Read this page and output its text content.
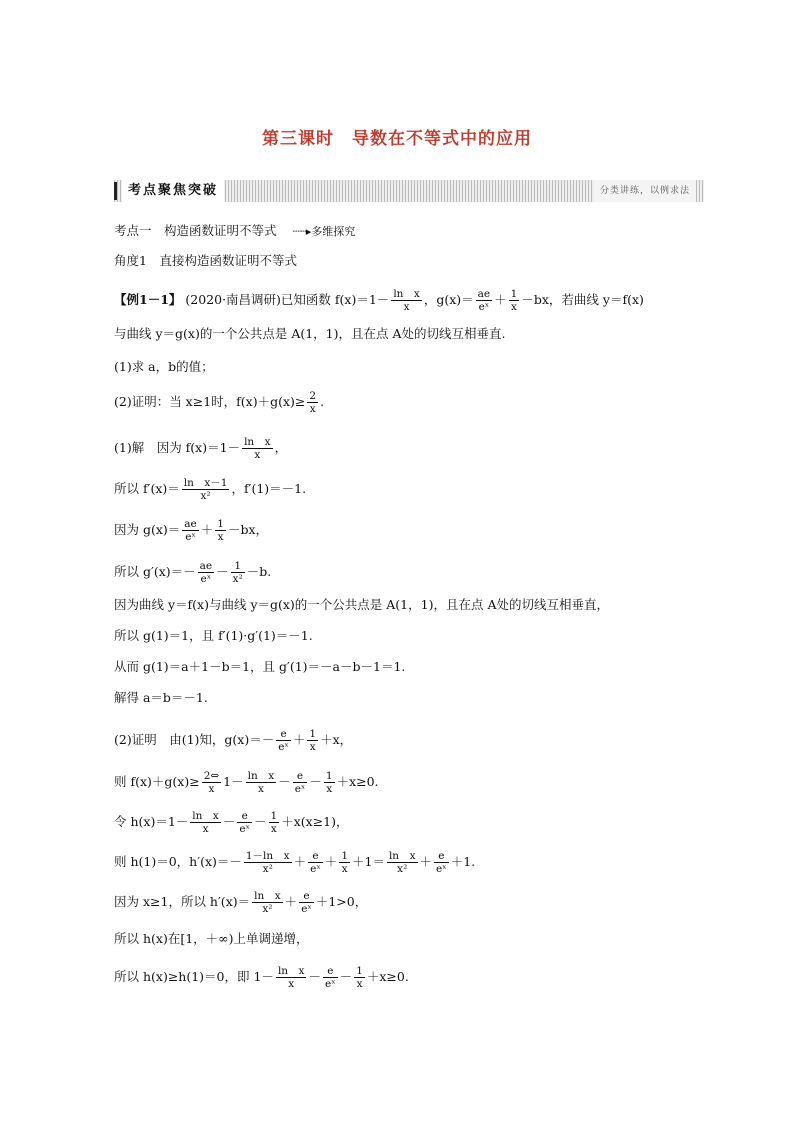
第三课时　导数在不等式中的应用
考点聚焦突破	分类讲练，以例求法
考点一　构造函数证明不等式 ┈┈▸多维探究
角度1　直接构造函数证明不等式
【例1－1】 (2020·南昌调研)已知函数 $f(x)=1- \frac{\text{ln　x}}{x}$ ，$g(x)= \frac{ae}{\text{eˣ}} + \frac{1}{x} -bx$，若曲线 y＝f(x)
与曲线 y＝g(x)的一个公共点是 A(1，1)，且在点 A处的切线互相垂直.
(1)求 a，b的值；
(2)证明：当 x≥1时，$f(x)+g(x)\ge \frac{2}{x}$ .
(1)解　因为 $f(x)=1- \frac{\text{ln　x}}{x}$ ，
所以 $f'(x)= \frac{\text{ln　x－1}}{\text{x²}}$ ，f′(1)＝－1.
因为 $g(x)= \frac{ae}{\text{eˣ}} + \frac{1}{x} -bx$，
所以 $g'(x)=- \frac{ae}{\text{eˣ}} - \frac{1}{\text{x²}} -b$.
因为曲线 y＝f(x)与曲线 y＝g(x)的一个公共点是 A(1，1)，且在点 A处的切线互相垂直，
所以 g(1)＝1，且 f′(1)·g′(1)＝－1.
从而 g(1)＝a＋1－b＝1，且 g′(1)＝－a－b－1＝1.
解得 a＝b＝－1.
(2)证明　由(1)知，$g(x)=- \frac{e}{\text{eˣ}} + \frac{1}{x} +x$，
则 $f(x)+g(x)\ge \frac{2\Leftrightarrow}{x} 1- \frac{\text{ln　x}}{x} - \frac{e}{\text{eˣ}} - \frac{1}{x} +x\ge 0$.
令 $h(x)=1- \frac{\text{ln　x}}{x} - \frac{e}{\text{eˣ}} - \frac{1}{x} +x(x\ge 1)$，
则 h(1)＝0，$h'(x)=- \frac{\text{1－ln　x}}{\text{x²}} + \frac{e}{\text{eˣ}} + \frac{1}{x} +1= \frac{\text{ln　x}}{\text{x²}} + \frac{e}{\text{eˣ}} +1$.
因为 x≥1，所以 $h'(x)= \frac{\text{ln　x}}{\text{x²}} + \frac{e}{\text{eˣ}} +1>0$，
所以 h(x)在[1，＋∞)上单调递增，
所以 h(x)≥h(1)＝0，即 $1- \frac{\text{ln　x}}{x} - \frac{e}{\text{eˣ}} - \frac{1}{x} +x\ge 0$.
